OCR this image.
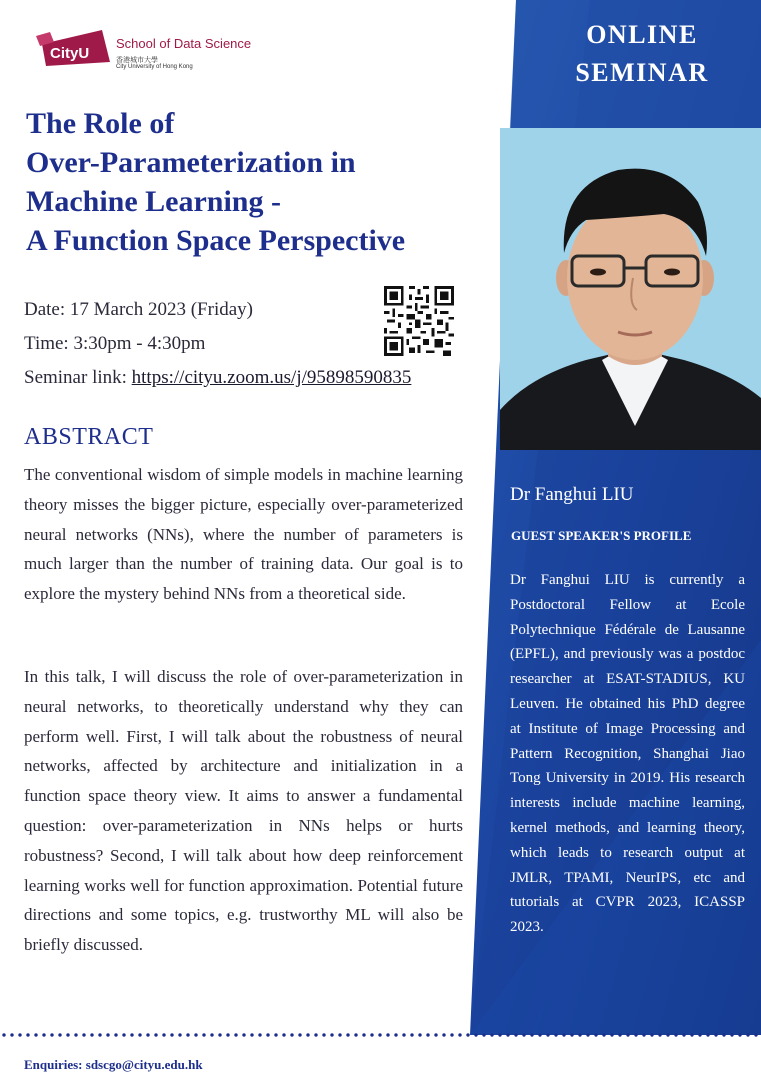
ONLINE
SEMINAR
Dr Fanghui LIU
GUEST SPEAKER'S PROFILE

Dr Fanghui LIU is currently a Postdoctoral Fellow at Ecole Polytechnique Fédérale de Lausanne (EPFL), and previously was a postdoc researcher at ESAT-STADIUS, KU Leuven. He obtained his PhD degree at Institute of Image Processing and Pattern Recognition, Shanghai Jiao Tong University in 2019. His research interests include machine learning, kernel methods, and learning theory, which leads to research output at JMLR, TPAMI, NeurIPS, etc and tutorials at CVPR 2023, ICASSP 2023.

CityU
School of Data Science
香港城市大學
City University of Hong Kong
The Role of
Over-Parameterization in
Machine Learning -
A Function Space Perspective
Date: 17 March 2023 (Friday)
Time: 3:30pm - 4:30pm
Seminar link: https://cityu.zoom.us/j/95898590835
ABSTRACT

The conventional wisdom of simple models in machine learning theory misses the bigger picture, especially over-parameterized neural networks (NNs), where the number of parameters is much larger than the number of training data. Our goal is to explore the mystery behind NNs from a theoretical side.

In this talk, I will discuss the role of over-parameterization in neural networks, to theoretically understand why they can perform well. First, I will talk about the robustness of neural networks, affected by architecture and initialization in a function space theory view. It aims to answer a fundamental question: over-parameterization in NNs helps or hurts robustness? Second, I will talk about how deep reinforcement learning works well for function approximation. Potential future directions and some topics, e.g. trustworthy ML will also be briefly discussed.

Enquiries: sdscgo@cityu.edu.hk
All are welcome
